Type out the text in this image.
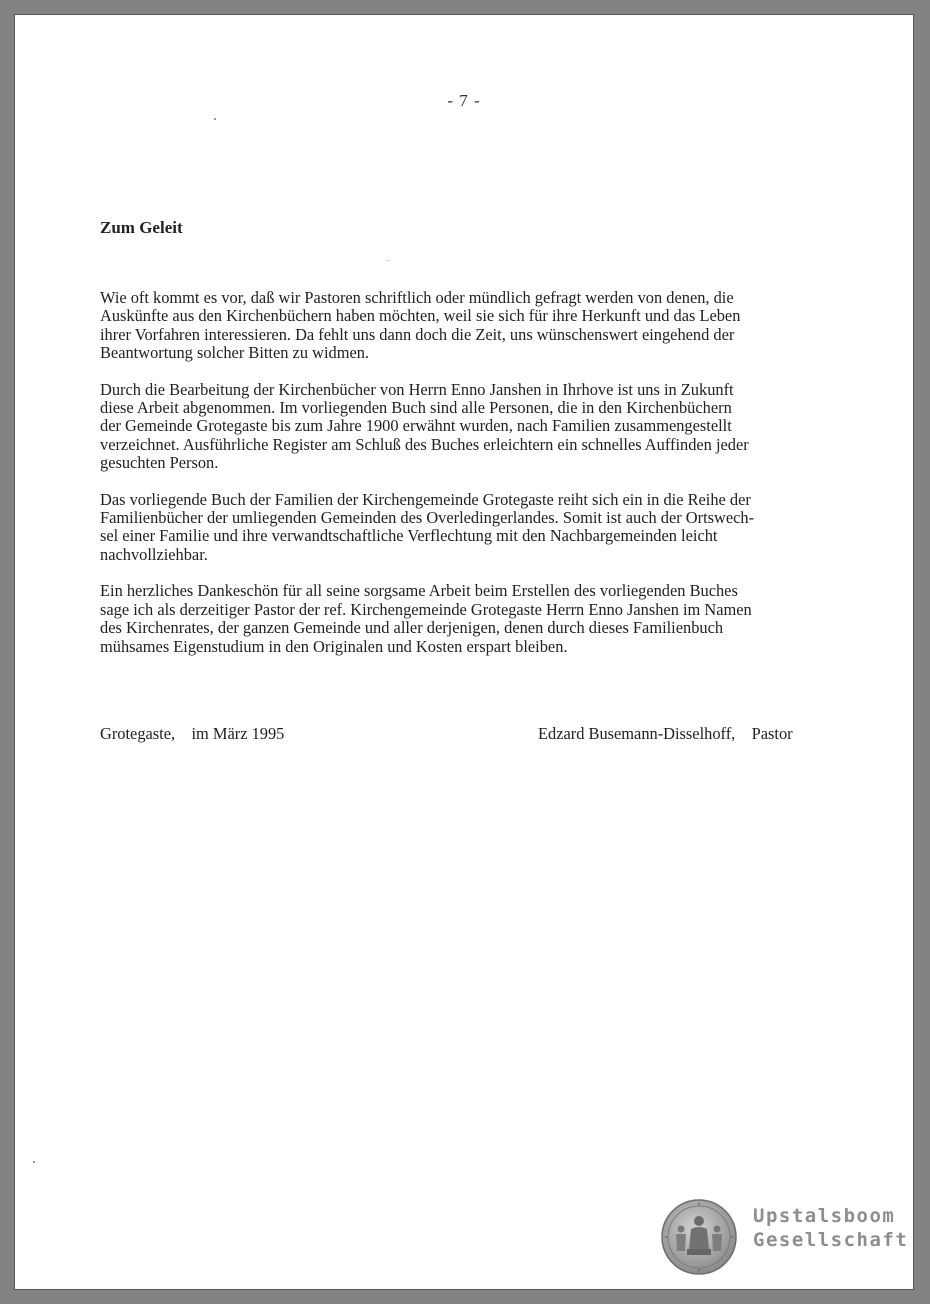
- 7 -
Zum Geleit

Wie oft kommt es vor, daß wir Pastoren schriftlich oder mündlich gefragt werden von denen, die
Auskünfte aus den Kirchenbüchern haben möchten, weil sie sich für ihre Herkunft und das Leben
ihrer Vorfahren interessieren. Da fehlt uns dann doch die Zeit, uns wünschenswert eingehend der
Beantwortung solcher Bitten zu widmen.

Durch die Bearbeitung der Kirchenbücher von Herrn Enno Janshen in Ihrhove ist uns in Zukunft
diese Arbeit abgenommen. Im vorliegenden Buch sind alle Personen, die in den Kirchenbüchern
der Gemeinde Grotegaste bis zum Jahre 1900 erwähnt wurden, nach Familien zusammengestellt
verzeichnet. Ausführliche Register am Schluß des Buches erleichtern ein schnelles Auffinden jeder
gesuchten Person.

Das vorliegende Buch der Familien der Kirchengemeinde Grotegaste reiht sich ein in die Reihe der
Familienbücher der umliegenden Gemeinden des Overledingerlandes. Somit ist auch der Ortswech-
sel einer Familie und ihre verwandtschaftliche Verflechtung mit den Nachbargemeinden leicht
nachvollziehbar.

Ein herzliches Dankeschön für all seine sorgsame Arbeit beim Erstellen des vorliegenden Buches
sage ich als derzeitiger Pastor der ref. Kirchengemeinde Grotegaste Herrn Enno Janshen im Namen
des Kirchenrates, der ganzen Gemeinde und aller derjenigen, denen durch dieses Familienbuch
mühsames Eigenstudium in den Originalen und Kosten erspart bleiben.

Grotegaste,    im März 1995	Edzard Busemann-Disselhoff,    Pastor
Upstalsboom
Gesellschaft
